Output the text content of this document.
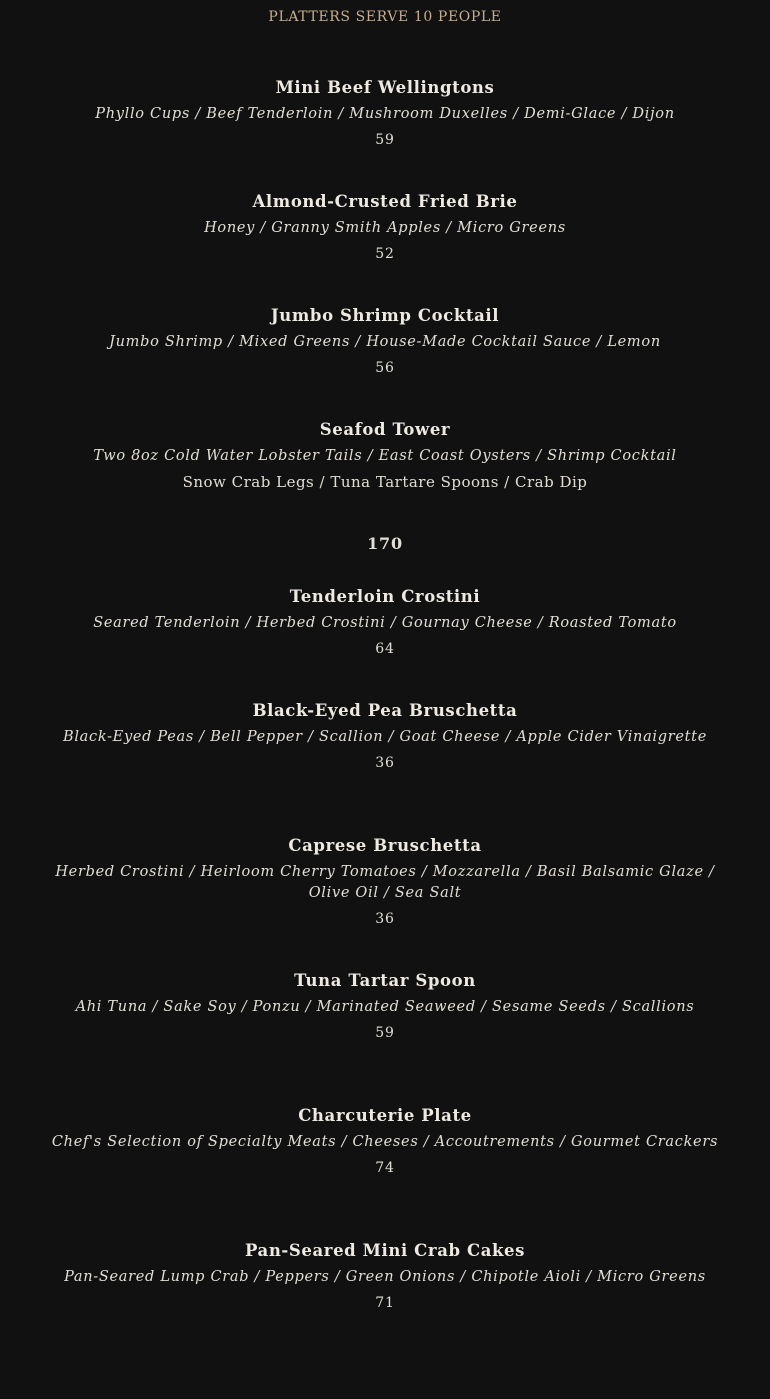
PLATTERS SERVE 10 PEOPLE
Mini Beef Wellingtons
Phyllo Cups / Beef Tenderloin / Mushroom Duxelles / Demi-Glace / Dijon
59
Almond-Crusted Fried Brie
Honey / Granny Smith Apples / Micro Greens
52
Jumbo Shrimp Cocktail
Jumbo Shrimp / Mixed Greens / House-Made Cocktail Sauce / Lemon
56
Seafod Tower
Two 8oz Cold Water Lobster Tails / East Coast Oysters / Shrimp Cocktail
Snow Crab Legs / Tuna Tartare Spoons / Crab Dip
170
Tenderloin Crostini
Seared Tenderloin / Herbed Crostini / Gournay Cheese / Roasted Tomato
64
Black-Eyed Pea Bruschetta
Black-Eyed Peas / Bell Pepper / Scallion / Goat Cheese / Apple Cider Vinaigrette
36
Caprese Bruschetta
Herbed Crostini / Heirloom Cherry Tomatoes / Mozzarella / Basil Balsamic Glaze / Olive Oil / Sea Salt
36
Tuna Tartar Spoon
Ahi Tuna / Sake Soy / Ponzu / Marinated Seaweed / Sesame Seeds / Scallions
59
Charcuterie Plate
Chef's Selection of Specialty Meats / Cheeses / Accoutrements / Gourmet Crackers
74
Pan-Seared Mini Crab Cakes
Pan-Seared Lump Crab / Peppers / Green Onions / Chipotle Aioli / Micro Greens
71
